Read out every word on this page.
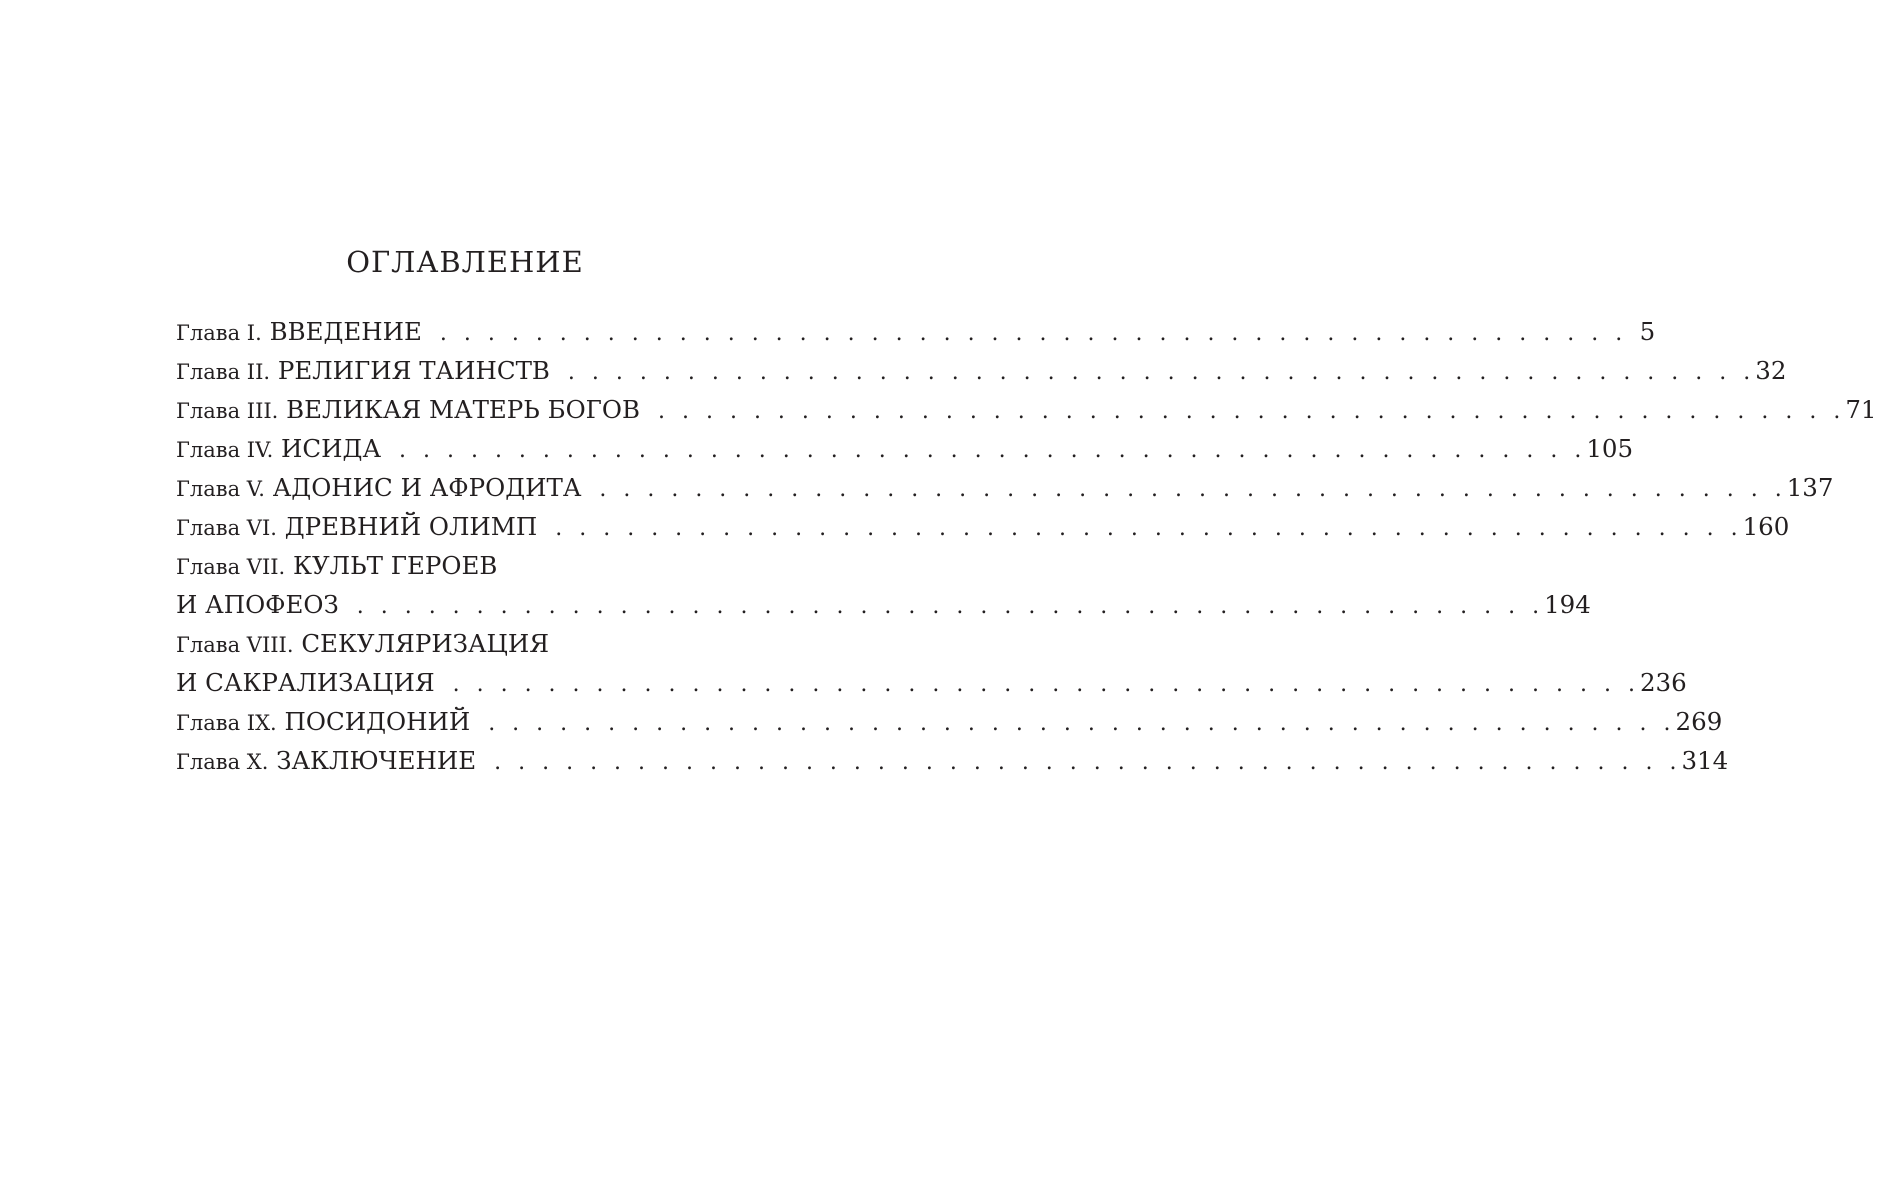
ОГЛАВЛЕНИЕ
Глава I.
ВВЕДЕНИЕ . . . . . . . . . . . . . . . . . . . . . . . . . . . . . . . . . . . . . . . . . . . . . . . . . . 5
Глава II.
РЕЛИГИЯ ТАИНСТВ . . . . . . . . . . . . . . . . . . . . . . . . . . . . . . . . . . . . . . . . . . . . . . . . . . 32
Глава III.
ВЕЛИКАЯ МАТЕРЬ БОГОВ . . . . . . . . . . . . . . . . . . . . . . . . . . . . . . . . . . . . . . . . . . . . . . . . . . 71
Глава IV.
ИСИДА . . . . . . . . . . . . . . . . . . . . . . . . . . . . . . . . . . . . . . . . . . . . . . . . . . 105
Глава V.
АДОНИС И АФРОДИТА . . . . . . . . . . . . . . . . . . . . . . . . . . . . . . . . . . . . . . . . . . . . . . . . . . 137
Глава VI.
ДРЕВНИЙ ОЛИМП . . . . . . . . . . . . . . . . . . . . . . . . . . . . . . . . . . . . . . . . . . . . . . . . . . 160
Глава VII.
КУЛЬТ ГЕРОЕВ
И АПОФЕОЗ . . . . . . . . . . . . . . . . . . . . . . . . . . . . . . . . . . . . . . . . . . . . . . . . . . 194
Глава VIII.
СЕКУЛЯРИЗАЦИЯ
И САКРАЛИЗАЦИЯ . . . . . . . . . . . . . . . . . . . . . . . . . . . . . . . . . . . . . . . . . . . . . . . . . . 236
Глава IX.
ПОСИДОНИЙ . . . . . . . . . . . . . . . . . . . . . . . . . . . . . . . . . . . . . . . . . . . . . . . . . . 269
Глава X.
ЗАКЛЮЧЕНИЕ . . . . . . . . . . . . . . . . . . . . . . . . . . . . . . . . . . . . . . . . . . . . . . . . . . 314
